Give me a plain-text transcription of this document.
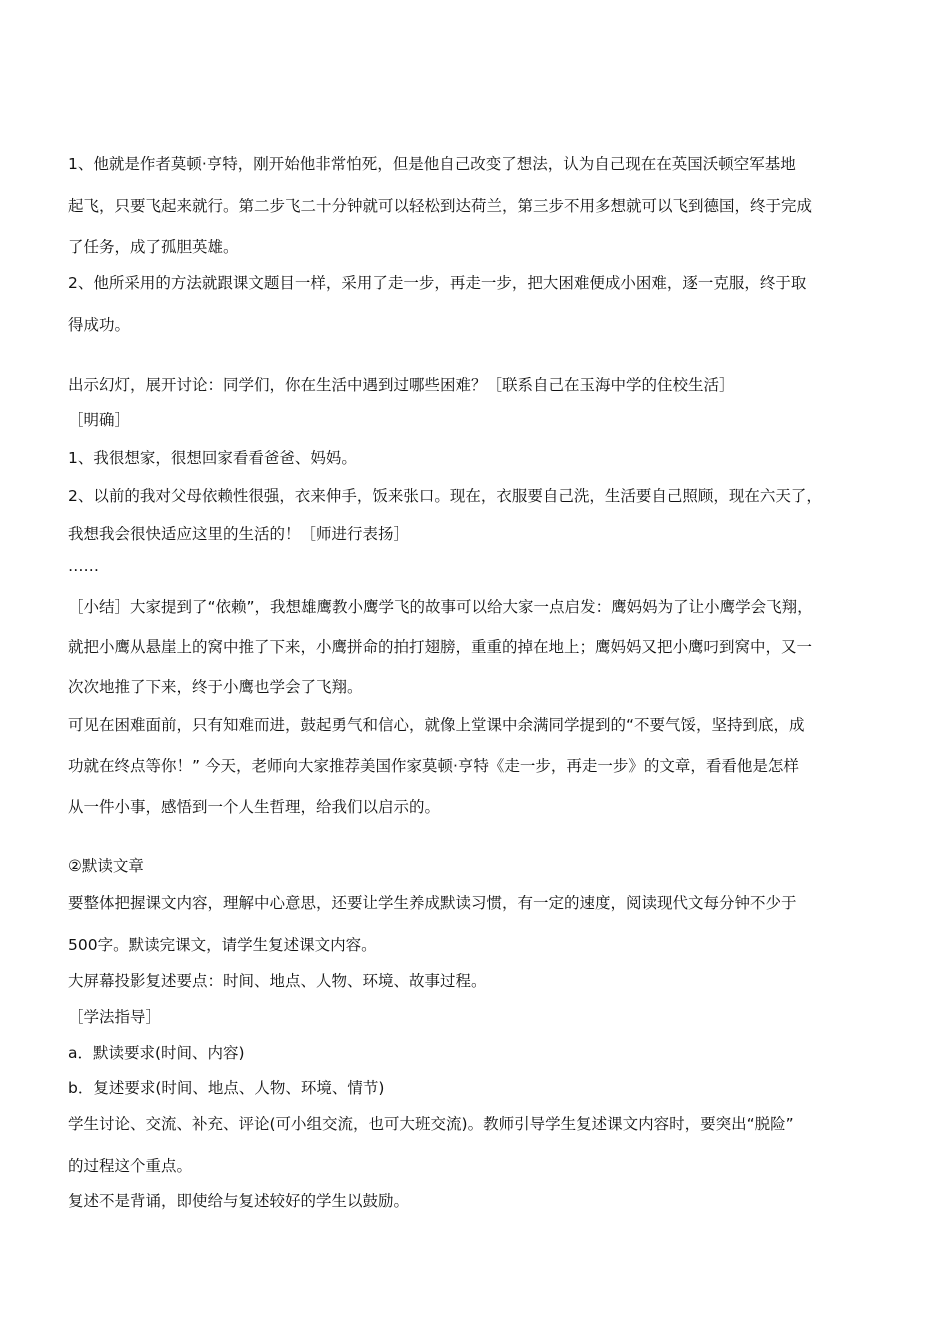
1、他就是作者莫顿·亨特，刚开始他非常怕死，但是他自己改变了想法，认为自己现在在英国沃顿空军基地
起飞，只要飞起来就行。第二步飞二十分钟就可以轻松到达荷兰，第三步不用多想就可以飞到德国，终于完成
了任务，成了孤胆英雄。
2、他所采用的方法就跟课文题目一样，采用了走一步，再走一步，把大困难便成小困难，逐一克服，终于取
得成功。
出示幻灯，展开讨论：同学们，你在生活中遇到过哪些困难？［联系自己在玉海中学的住校生活］
［明确］
1、我很想家，很想回家看看爸爸、妈妈。
2、以前的我对父母依赖性很强，衣来伸手，饭来张口。现在，衣服要自己洗，生活要自己照顾，现在六天了，
我想我会很快适应这里的生活的！［师进行表扬］
……
［小结］大家提到了“依赖”，我想雄鹰教小鹰学飞的故事可以给大家一点启发：鹰妈妈为了让小鹰学会飞翔，
就把小鹰从悬崖上的窝中推了下来，小鹰拼命的拍打翅膀，重重的掉在地上；鹰妈妈又把小鹰叼到窝中，又一
次次地推了下来，终于小鹰也学会了飞翔。
可见在困难面前，只有知难而进，鼓起勇气和信心，就像上堂课中余满同学提到的“不要气馁，坚持到底，成
功就在终点等你！” 今天，老师向大家推荐美国作家莫顿·亨特《走一步，再走一步》的文章，看看他是怎样
从一件小事，感悟到一个人生哲理，给我们以启示的。
②默读文章
要整体把握课文内容，理解中心意思，还要让学生养成默读习惯，有一定的速度，阅读现代文每分钟不少于
500字。默读完课文，请学生复述课文内容。
大屏幕投影复述要点：时间、地点、人物、环境、故事过程。
［学法指导］
a．默读要求(时间、内容)
b．复述要求(时间、地点、人物、环境、情节)
学生讨论、交流、补充、评论(可小组交流，也可大班交流)。教师引导学生复述课文内容时，要突出“脱险”
的过程这个重点。
复述不是背诵，即使给与复述较好的学生以鼓励。
